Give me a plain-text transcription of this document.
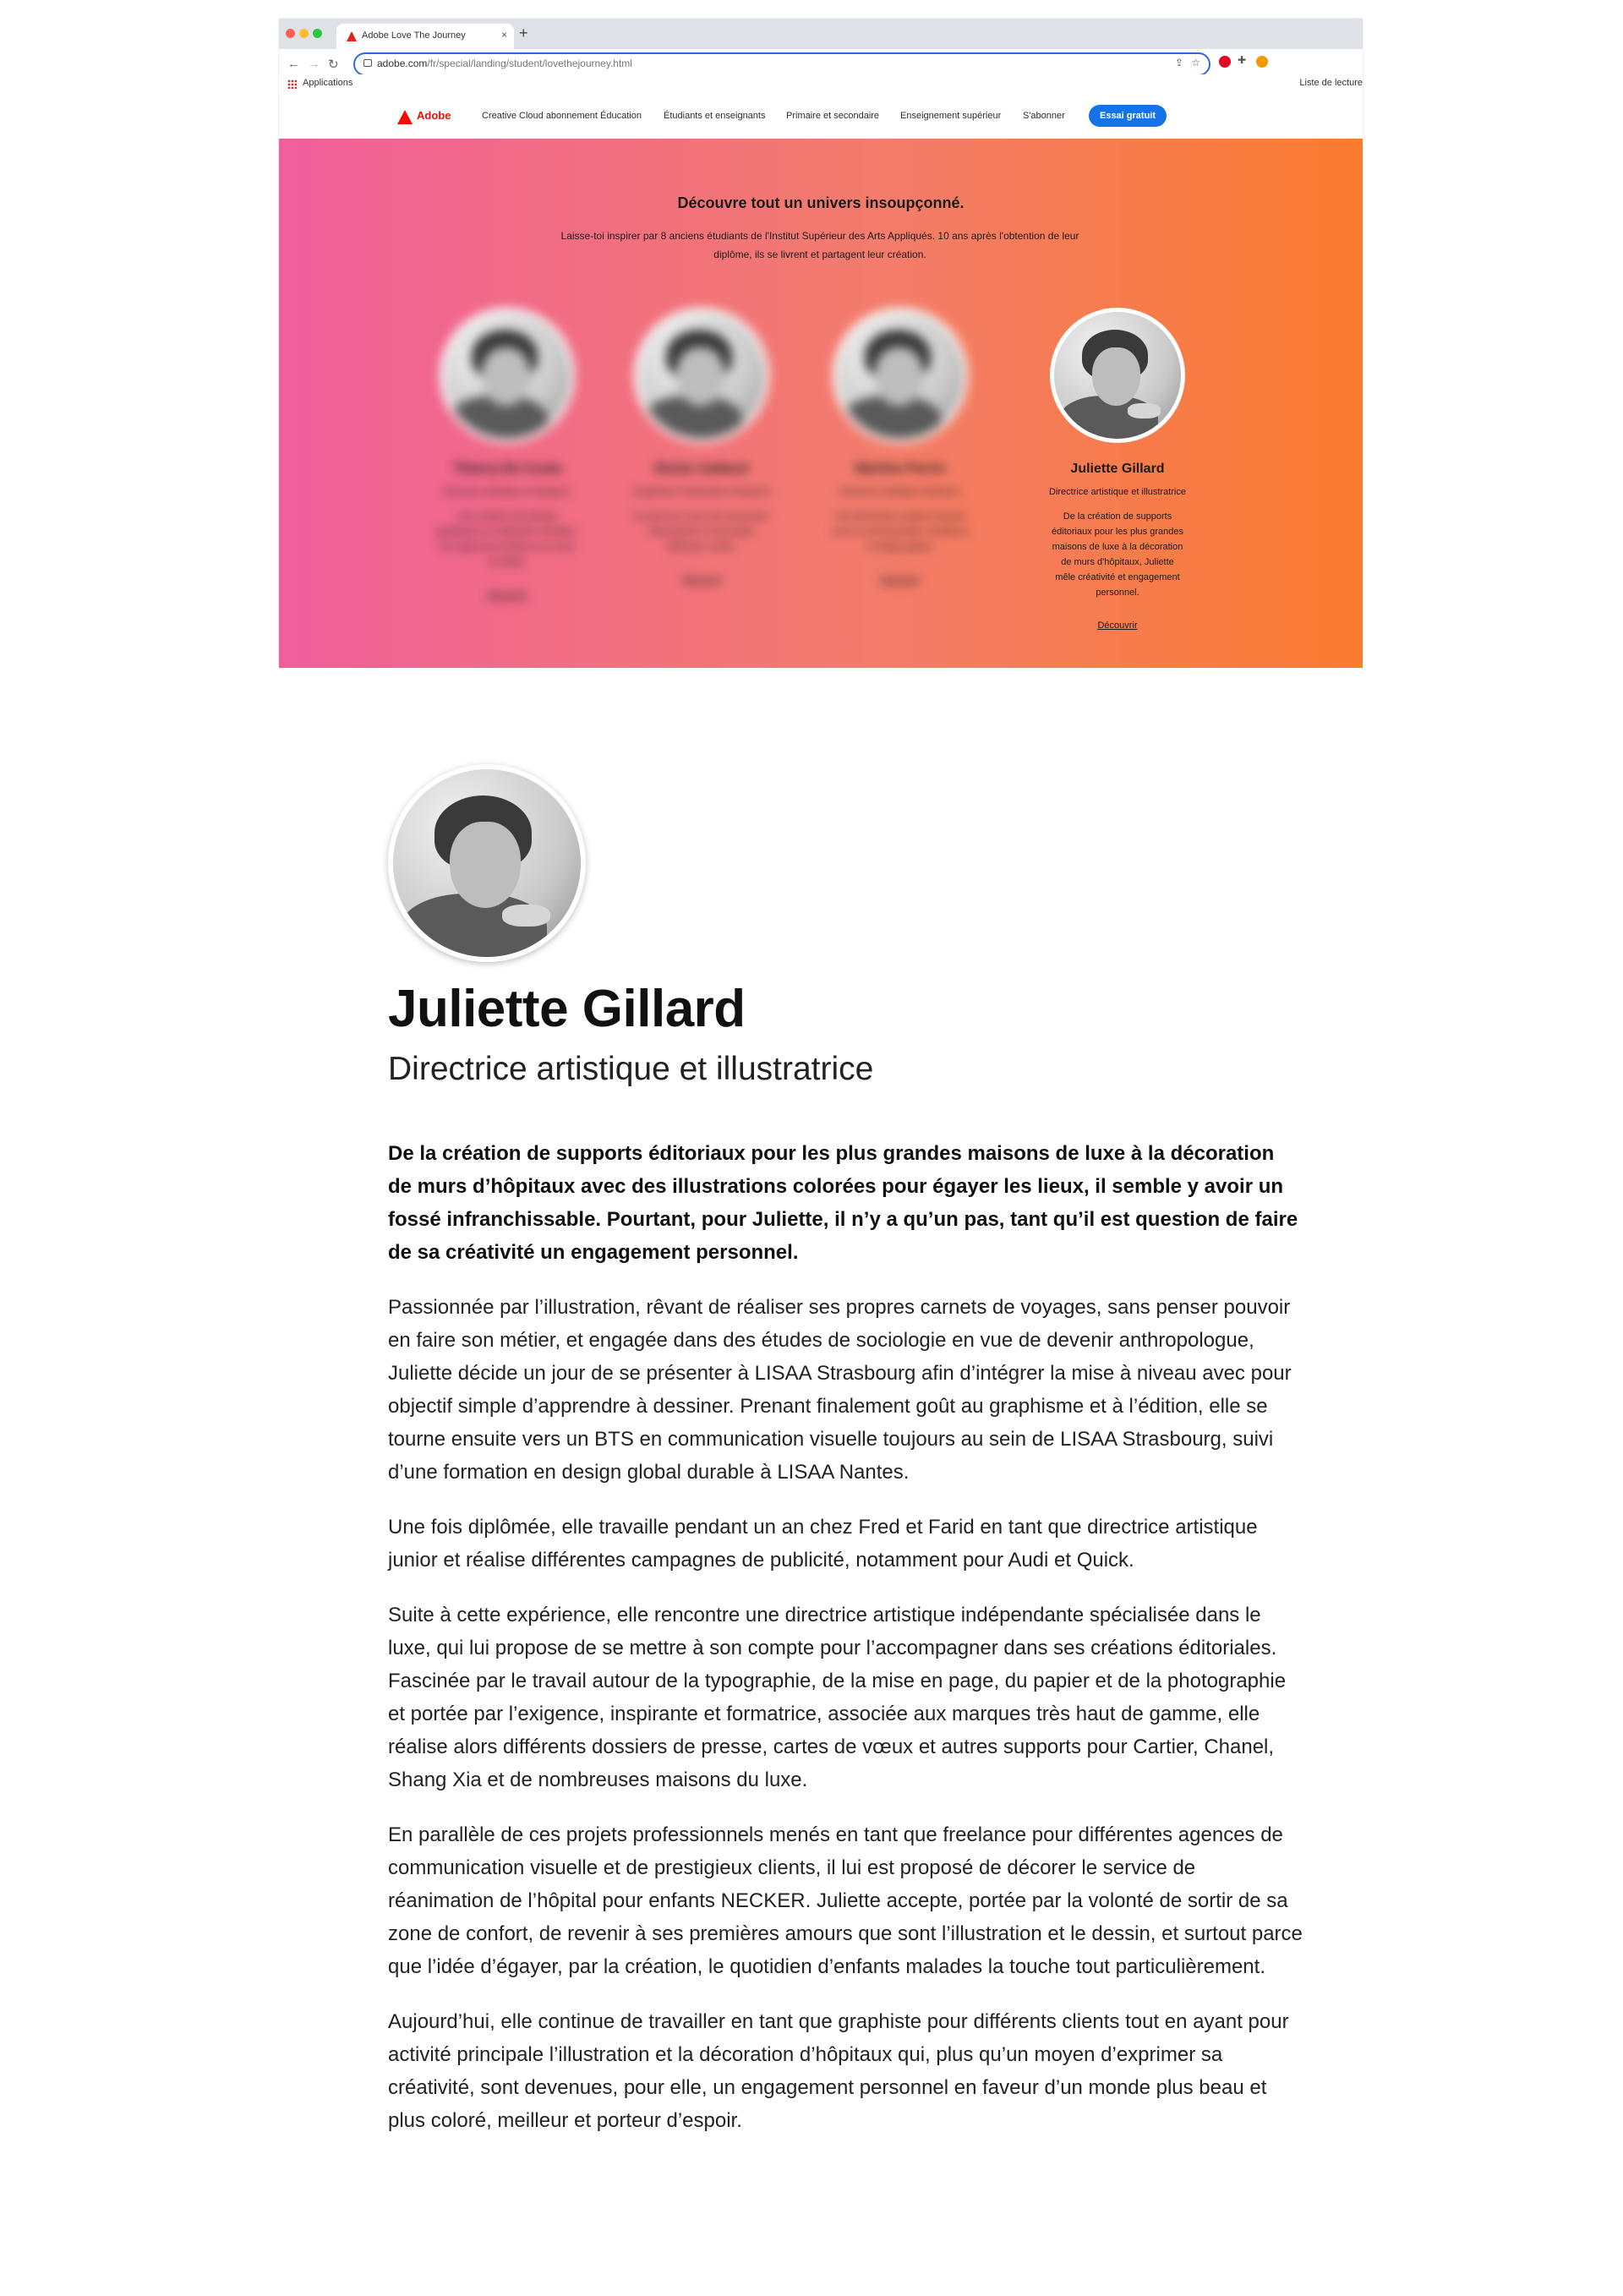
Adobe Love The Journey	× +
← → ↻	adobe.com/fr/special/landing/student/lovethejourney.html	⇪ ☆	✚
Applications	Liste de lecture
Adobe	Creative Cloud abonnement Éducation Étudiants et enseignants Primaire et secondaire Enseignement supérieur S'abonner	Essai gratuit
Découvre tout un univers insoupçonné.
Laisse-toi inspirer par 8 anciens étudiants de l'Institut Supérieur des Arts Appliqués. 10 ans après l'obtention de leur diplôme, ils se livrent et partagent leur création.
Thierry De Costa
Directeur artistique et designer
Une création de designs graphiques et d'identités visuelles, une approche fondée sur le sens du détail.
Découvrir
Eloïse Galland
Graphiste et illustratrice freelance
Un parcours nourri de rencontres, d'illustrations et de projets éditoriaux variés.
Découvrir
Martine Perrin
Directrice artistique freelance
Une démarche créative tournée vers la communication visuelle et le design global.
Découvrir
Juliette Gillard
Directrice artistique et illustratrice
De la création de supports éditoriaux pour les plus grandes maisons de luxe à la décoration de murs d'hôpitaux, Juliette mêle créativité et engagement personnel.
Découvrir
Juliette Gillard
Directrice artistique et illustratrice

De la création de supports éditoriaux pour les plus grandes maisons de luxe à la décoration de murs d’hôpitaux avec des illustrations colorées pour égayer les lieux, il semble y avoir un fossé infranchissable. Pourtant, pour Juliette, il n’y a qu’un pas, tant qu’il est question de faire de sa créativité un engagement personnel.

Passionnée par l’illustration, rêvant de réaliser ses propres carnets de voyages, sans penser pouvoir en faire son métier, et engagée dans des études de sociologie en vue de devenir anthropologue, Juliette décide un jour de se présenter à LISAA Strasbourg afin d’intégrer la mise à niveau avec pour objectif simple d’apprendre à dessiner. Prenant finalement goût au graphisme et à l’édition, elle se tourne ensuite vers un BTS en communication visuelle toujours au sein de LISAA Strasbourg, suivi d’une formation en design global durable à LISAA Nantes.

Une fois diplômée, elle travaille pendant un an chez Fred et Farid en tant que directrice artistique junior et réalise différentes campagnes de publicité, notamment pour Audi et Quick.

Suite à cette expérience, elle rencontre une directrice artistique indépendante spécialisée dans le luxe, qui lui propose de se mettre à son compte pour l’accompagner dans ses créations éditoriales. Fascinée par le travail autour de la typographie, de la mise en page, du papier et de la photographie et portée par l’exigence, inspirante et formatrice, associée aux marques très haut de gamme, elle réalise alors différents dossiers de presse, cartes de vœux et autres supports pour Cartier, Chanel, Shang Xia et de nombreuses maisons du luxe.

En parallèle de ces projets professionnels menés en tant que freelance pour différentes agences de communication visuelle et de prestigieux clients, il lui est proposé de décorer le service de réanimation de l’hôpital pour enfants NECKER. Juliette accepte, portée par la volonté de sortir de sa zone de confort, de revenir à ses premières amours que sont l’illustration et le dessin, et surtout parce que l’idée d’égayer, par la création, le quotidien d’enfants malades la touche tout particulièrement.

Aujourd’hui, elle continue de travailler en tant que graphiste pour différents clients tout en ayant pour activité principale l’illustration et la décoration d’hôpitaux qui, plus qu’un moyen d’exprimer sa créativité, sont devenues, pour elle, un engagement personnel en faveur d’un monde plus beau et plus coloré, meilleur et porteur d’espoir.
